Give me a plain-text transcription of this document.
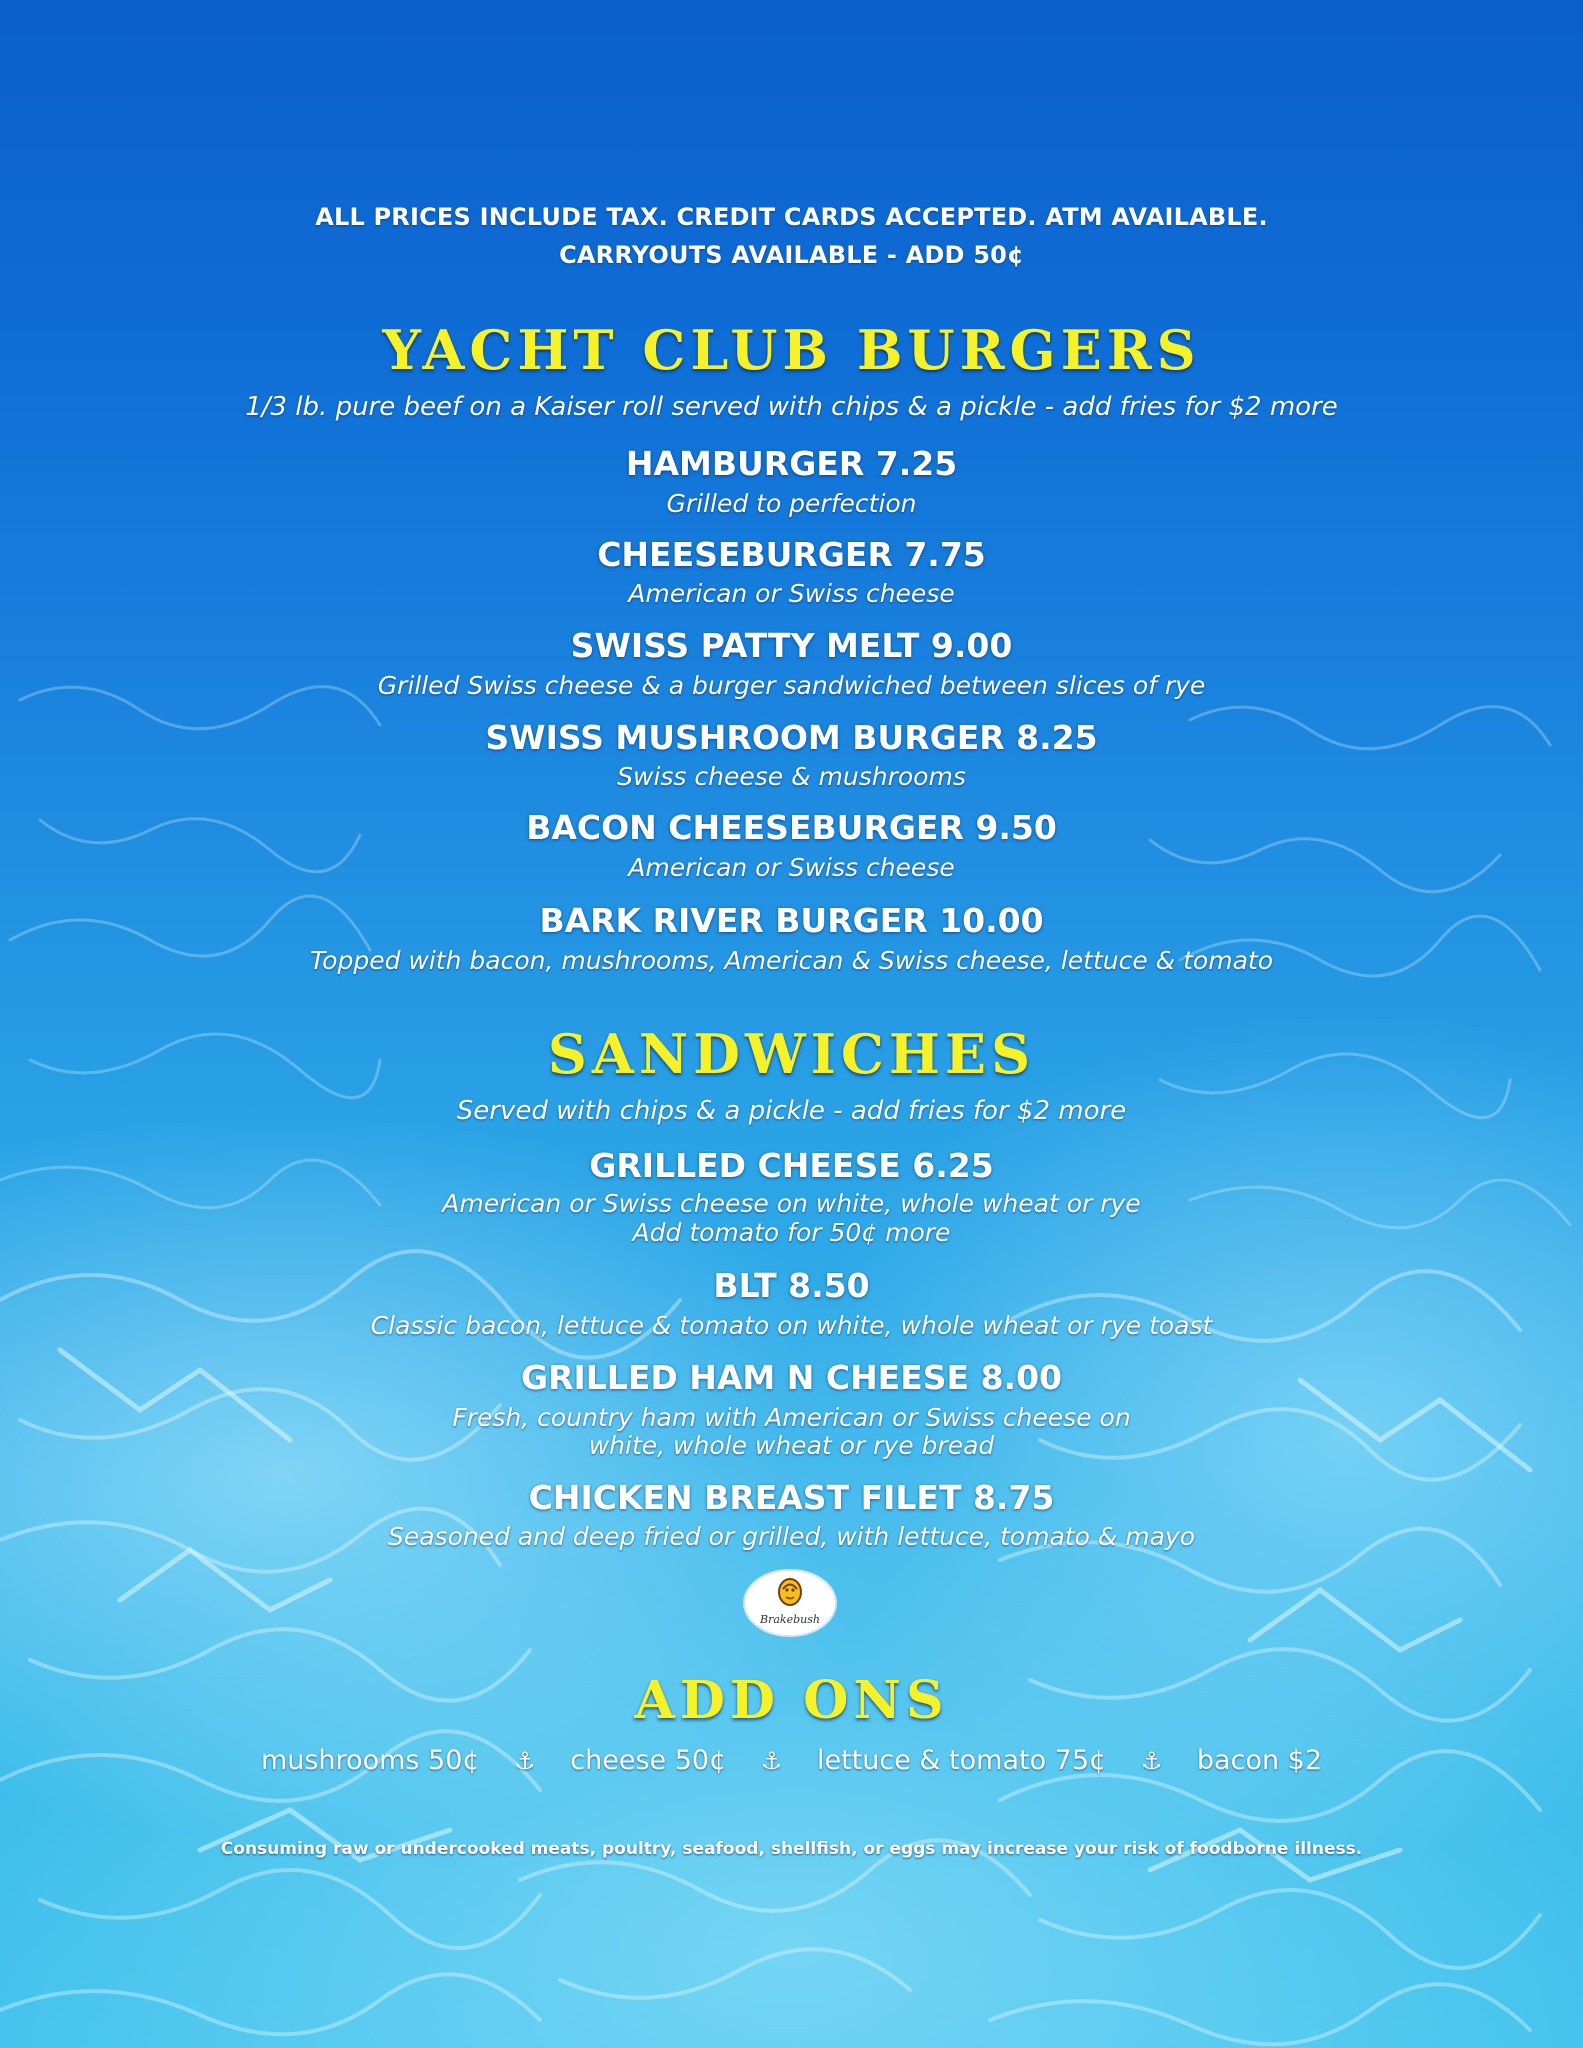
ALL PRICES INCLUDE TAX. CREDIT CARDS ACCEPTED. ATM AVAILABLE.
CARRYOUTS AVAILABLE - ADD 50¢
YACHT CLUB BURGERS
1/3 lb. pure beef on a Kaiser roll served with chips & a pickle - add fries for $2 more
HAMBURGER 7.25
Grilled to perfection
CHEESEBURGER 7.75
American or Swiss cheese
SWISS PATTY MELT 9.00
Grilled Swiss cheese & a burger sandwiched between slices of rye
SWISS MUSHROOM BURGER 8.25
Swiss cheese & mushrooms
BACON CHEESEBURGER 9.50
American or Swiss cheese
BARK RIVER BURGER 10.00
Topped with bacon, mushrooms, American & Swiss cheese, lettuce & tomato
SANDWICHES
Served with chips & a pickle - add fries for $2 more
GRILLED CHEESE 6.25
American or Swiss cheese on white, whole wheat or rye
Add tomato for 50¢ more
BLT 8.50
Classic bacon, lettuce & tomato on white, whole wheat or rye toast
GRILLED HAM N CHEESE 8.00
Fresh, country ham with American or Swiss cheese on
white, whole wheat or rye bread
CHICKEN BREAST FILET 8.75
Seasoned and deep fried or grilled, with lettuce, tomato & mayo
Brakebush
ADD ONS
mushrooms 50¢ ⚓ cheese 50¢ ⚓ lettuce & tomato 75¢ ⚓ bacon $2
Consuming raw or undercooked meats, poultry, seafood, shellfish, or eggs may increase your risk of foodborne illness.
